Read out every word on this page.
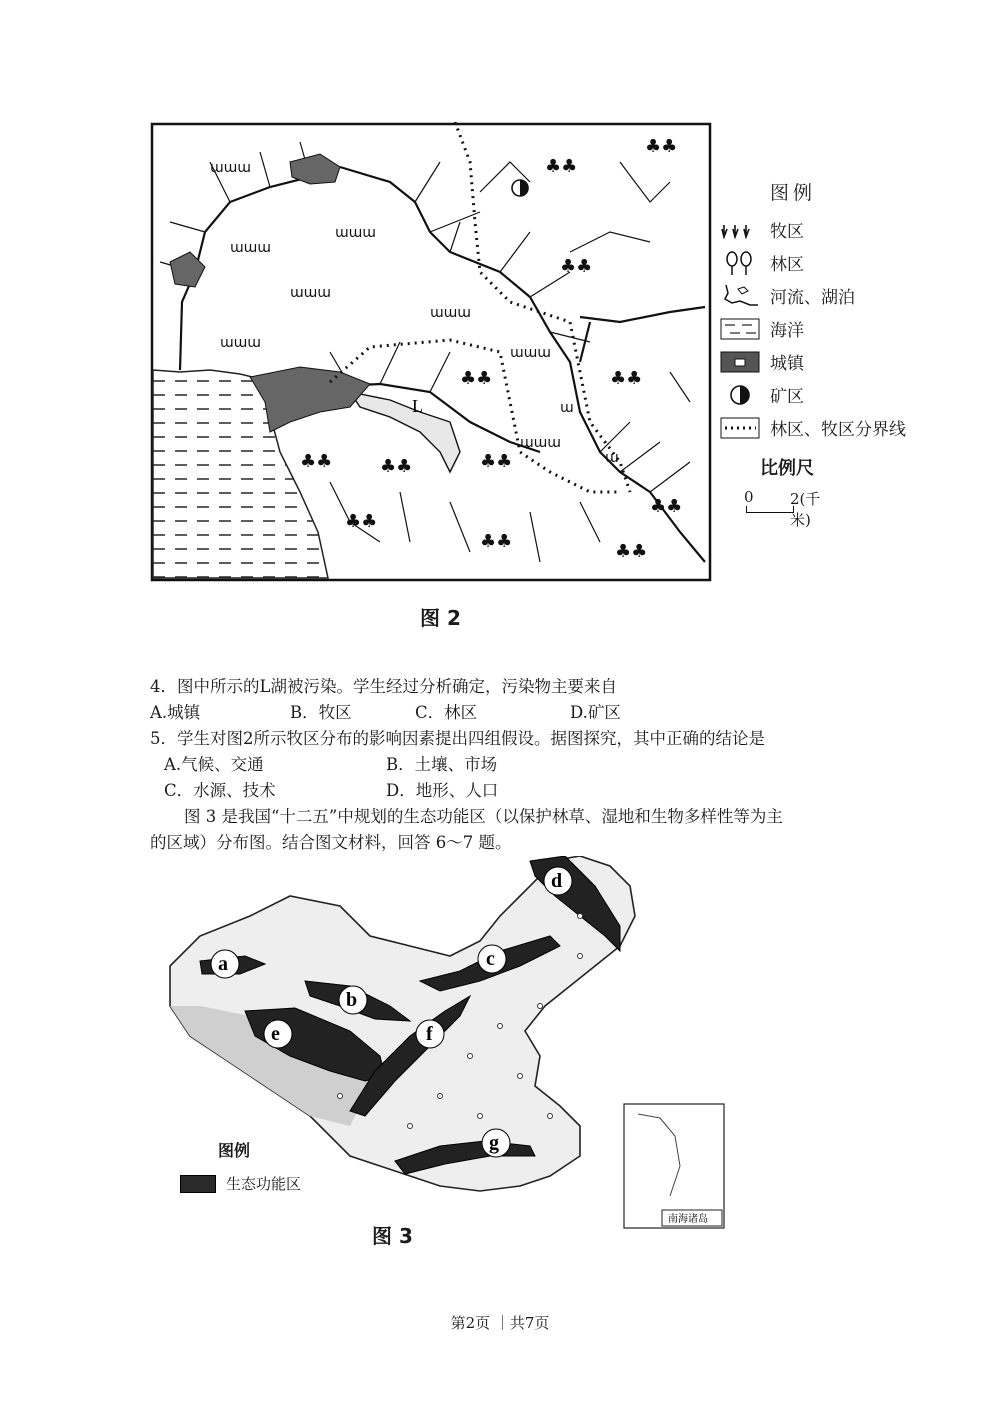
L
ɯɯɯ
ɯɯɯ
ɯɯɯ
ɯɯɯ
ɯɯɯ
ɯɯɯ
ɯɯɯ
ɯɯɯ
ɯ
ɯ
♣♣
♣♣
♣♣
♣♣	♣♣
♣♣
♣♣	♣♣
♣♣
♣♣	♣♣
♣♣
图例
牧区
林区
河流、湖泊
海洋
城镇
矿区
林区、牧区分界线
比例尺
0 2(千米)
图 2
4．图中所示的L湖被污染。学生经过分析确定，污染物主要来自
A.城镇	B．牧区	C．林区	D.矿区
5．学生对图2所示牧区分布的影响因素提出四组假设。据图探究，其中正确的结论是
A.气候、交通	B．土壤、市场
C．水源、技术	D．地形、人口
图 3 是我国“十二五”中规划的生态功能区（以保护林草、湿地和生物多样性等为主
的区域）分布图。结合图文材料，回答 6～7 题。
a
b
c
d
e	f
g
南海诸岛
图例
生态功能区
图 3
第2页 ｜共7页
